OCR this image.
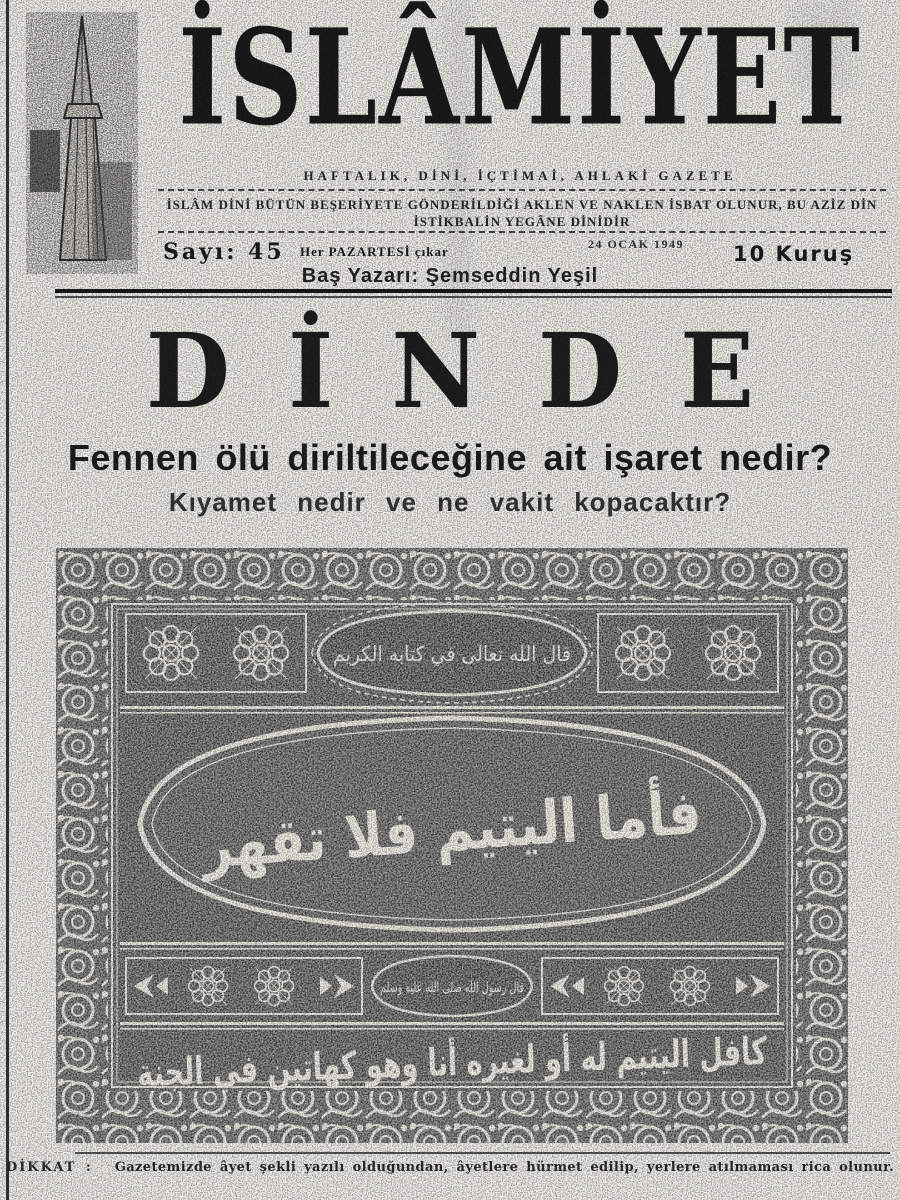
İSLÂMİYET
HAFTALIK, DİNİ, İÇTİMAİ, AHLAKİ GAZETE
İSLÂM DİNİ BÜTÜN BEŞERİYETE GÖNDERİLDİĞİ AKLEN VE NAKLEN İSBAT OLUNUR, BU AZİZ DİN
İSTİKBALİN YEGÂNE DİNİDİR
Sayı: 45 Her PAZARTESİ çıkar	24 OCAK 1949 10 Kuruş
Baş Yazarı: Şemseddin Yeşil
DİNDE
Fennen ölü diriltileceğine ait işaret nedir?
Kıyamet nedir ve ne vakit kopacaktır?
DİKKAT : Gazetemizde âyet şekli yazılı olduğundan, âyetlere hürmet edilip, yerlere atılmaması rica olunur.
